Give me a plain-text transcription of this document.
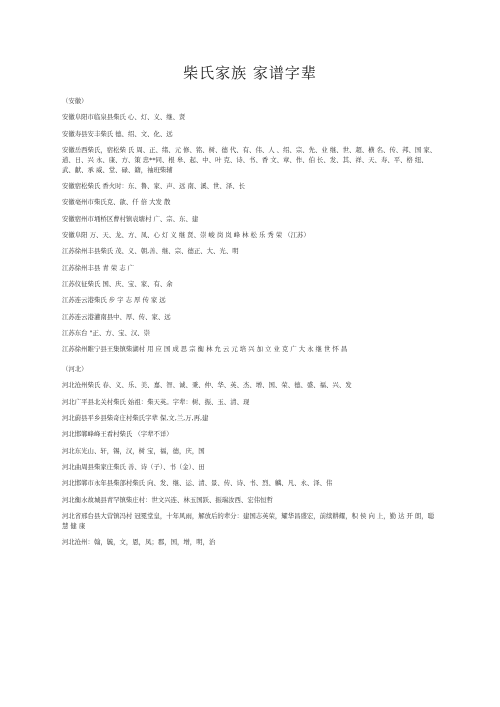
柴氏家族 家谱字辈

（安徽）

安徽阜阳市临泉县柴氏 心、灯、义、继、贤

安徽寿县安丰柴氏 德、绍、文、化、远

安徽岳西柴氏，宿松柴 氏 周、正、绪、元 修、铭、树、德 代、有、伟、人 、绍、宗、先、业 继、世、超、横 名、传、邦、国 家、道、日、兴 永、康、方、策 忠**同、根 皋、起、中、叶 克、诗、书、香 文、章、作、伯 长、发、其、祥、天、寿、平、格 纽、武、献、承 威、堂、碌、籍，袖班柴辅

安徽宿松柴氏 香火时：东、鲁、家、声、远 南、溪、世、泽、长

安徽亳州市柴氏克、歆、仟 倍 大发 散

安徽宿州市埇桥区曹村镇袁塘村 广、宗、东、建

安徽阜阳 万、天、龙、方、凤、心 灯 义 继 贤、崇 峻 岗 岚 峰 林 松 乐 秀 荣 （江苏）

江苏徐州丰县柴氏 茂、义、朝,善、继、宗、德正、大、光、明

江苏徐州丰县 青 荣 志 广

江苏仪征柴氏 国、庆、宝、家、有、余

江苏连云港柴氏 步 宇 志 厚 传 家 远

江苏连云港灌南县中、厚、传、家、远

江苏东台 "正、方、宝、汉、崇

江苏徐州睢宁县王集镇柴湖村 用 应 国 成 思 宗 衡 林 允 云 元 培 兴 加 立 业 克 广 大 永 继 世 怀 昌

（河北）

河北沧州柴氏 春、义、乐、美、嘉、智、诚、秉、仲、华、英、杰、增、国、荣、德、盛、福、兴、发

河北广平县北关村柴氏 始祖：柴天英。字辈：树、振、玉、清、现

河北蔚县平乡县柴奇庄村柴氏字辈 保,文,兰,万,再,建

河北邯郸峰峰王看村柴氏 （字辈不详）

河北东光山、轩，锡，汉，树 宝，福，德，庆，国

河北曲周县柴家庄柴氏 善、诗（子）、书（金）、田

河北邯郸市永年县柴部村柴氏 向、发、继、运、清、景、传、诗、书、烈、麟、凡、永、泽、伟

河北衡水故城县青罕镇柴庄村：世文兴连、林玉国跃、振瑞汝西、宏伟恒哲

河北省邢台县大营镇冯村 冠冕堂皇，十年风雨，解放后的辈分：建国志英荣，耀华昌盛宏，前续耕耀，积 侯 向 上，勤 达 开 朗，聪 慧 健 康

河北沧州：翰，毓，文，恩，凤；郡，国，增，明，治
